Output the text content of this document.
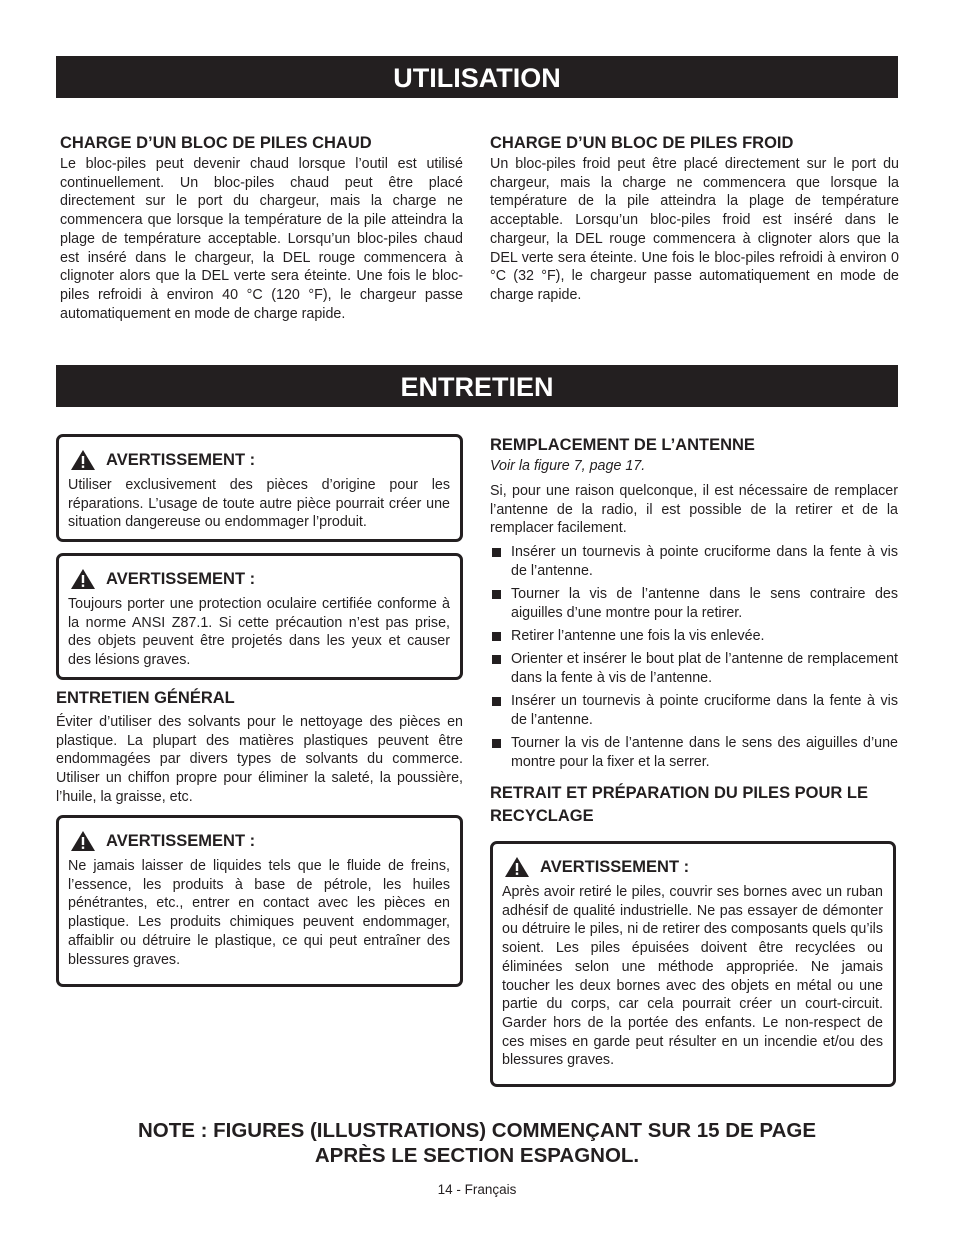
UTILISATION
CHARGE D’UN BLOC DE PILES CHAUD

Le bloc-piles peut devenir chaud lorsque l’outil est utilisé continuellement. Un bloc-piles chaud peut être placé directement sur le port du chargeur, mais la charge ne commencera que lorsque la température de la pile atteindra la plage de température acceptable. Lorsqu’un bloc-piles chaud est inséré dans le chargeur, la DEL rouge commencera à clignoter alors que la DEL verte sera éteinte. Une fois le bloc-piles refroidi à environ 40 °C (120 °F), le chargeur passe automatiquement en mode de charge rapide.

CHARGE D’UN BLOC DE PILES FROID

Un bloc-piles froid peut être placé directement sur le port du chargeur, mais la charge ne commencera que lorsque la température de la pile atteindra la plage de température acceptable. Lorsqu’un bloc-piles froid est inséré dans le chargeur, la DEL rouge commencera à clignoter alors que la DEL verte sera éteinte. Une fois le bloc-piles refroidi à environ 0 °C (32 °F), le chargeur passe automatiquement en mode de charge rapide.

ENTRETIEN
AVERTISSEMENT :

Utiliser exclusivement des pièces d’origine pour les réparations. L’usage de toute autre pièce pourrait créer une situation dangereuse ou endommager l’produit.

AVERTISSEMENT :

Toujours porter une protection oculaire certifiée conforme à la norme ANSI Z87.1. Si cette précaution n’est pas prise, des objets peuvent être projetés dans les yeux et causer des lésions graves.

ENTRETIEN GÉNÉRAL

Éviter d’utiliser des solvants pour le nettoyage des pièces en plastique. La plupart des matières plastiques peuvent être endommagées par divers types de solvants du commerce. Utiliser un chiffon propre pour éliminer la saleté, la poussière, l’huile, la graisse, etc.

AVERTISSEMENT :

Ne jamais laisser de liquides tels que le fluide de freins, l’essence, les produits à base de pétrole, les huiles pénétrantes, etc., entrer en contact avec les pièces en plastique. Les produits chimiques peuvent endommager, affaiblir ou détruire le plastique, ce qui peut entraîner des blessures graves.

REMPLACEMENT DE L’ANTENNE
Voir la figure 7, page 17.

Si, pour une raison quelconque, il est nécessaire de remplacer l’antenne de la radio, il est possible de la retirer et de la remplacer facilement.

Insérer un tournevis à pointe cruciforme dans la fente à vis de l’antenne.
Tourner la vis de l’antenne dans le sens contraire des aiguilles d’une montre pour la retirer.
Retirer l’antenne une fois la vis enlevée.
Orienter et insérer le bout plat de l’antenne de remplacement dans la fente à vis de l’antenne.
Insérer un tournevis à pointe cruciforme dans la fente à vis de l’antenne.
Tourner la vis de l’antenne dans le sens des aiguilles d’une montre pour la fixer et la serrer.
RETRAIT ET PRÉPARATION DU PILES POUR LE RECYCLAGE
AVERTISSEMENT :

Après avoir retiré le piles, couvrir ses bornes avec un ruban adhésif de qualité industrielle. Ne pas essayer de démonter ou détruire le piles, ni de retirer des composants quels qu’ils soient. Les piles épuisées doivent être recyclées ou éliminées selon une méthode appropriée. Ne jamais toucher les deux bornes avec des objets en métal ou une partie du corps, car cela pourrait créer un court-circuit. Garder hors de la portée des enfants. Le non-respect de ces mises en garde peut résulter en un incendie et/ou des blessures graves.

NOTE : FIGURES (ILLUSTRATIONS) COMMENÇANT SUR 15 DE PAGE
APRÈS LE SECTION ESPAGNOL.
14 - Français
